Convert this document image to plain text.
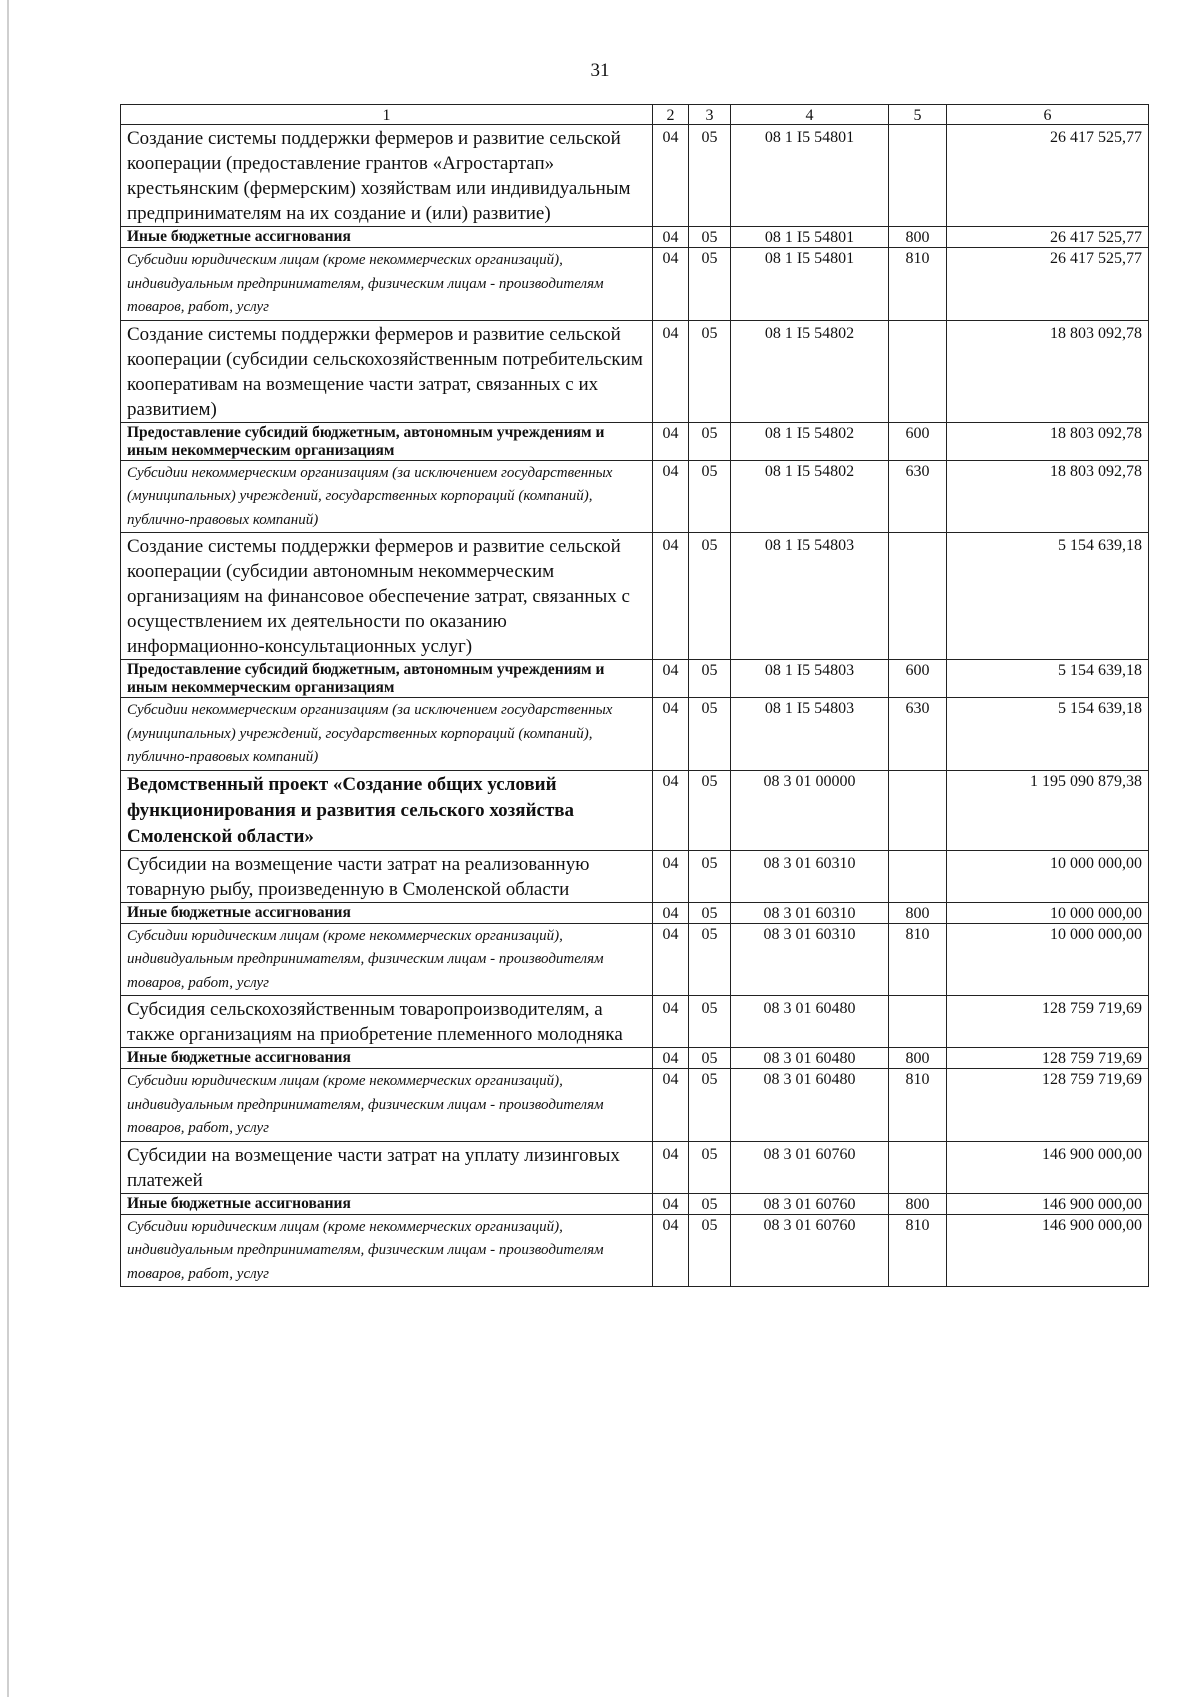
31
1	2	3	4	5	6
Создание системы поддержки фермеров и развитие сельской кооперации (предоставление грантов «Агростартап» крестьянским (фермерским) хозяйствам или индивидуальным предпринимателям на их создание и (или) развитие)	04	05	08 1 I5 54801		26 417 525,77
Иные бюджетные ассигнования	04	05	08 1 I5 54801	800	26 417 525,77
Субсидии юридическим лицам (кроме некоммерческих организаций), индивидуальным предпринимателям, физическим лицам - производителям товаров, работ, услуг	04	05	08 1 I5 54801	810	26 417 525,77
Создание системы поддержки фермеров и развитие сельской кооперации (субсидии сельскохозяйственным потребительским кооперативам на возмещение части затрат, связанных с их развитием)	04	05	08 1 I5 54802		18 803 092,78
Предоставление субсидий бюджетным, автономным учреждениям и иным некоммерческим организациям	04	05	08 1 I5 54802	600	18 803 092,78
Субсидии некоммерческим организациям (за исключением государственных (муниципальных) учреждений, государственных корпораций (компаний), публично-правовых компаний)	04	05	08 1 I5 54802	630	18 803 092,78
Создание системы поддержки фермеров и развитие сельской кооперации (субсидии автономным некоммерческим организациям на финансовое обеспечение затрат, связанных с осуществлением их деятельности по оказанию информационно-консультационных услуг)	04	05	08 1 I5 54803		5 154 639,18
Предоставление субсидий бюджетным, автономным учреждениям и иным некоммерческим организациям	04	05	08 1 I5 54803	600	5 154 639,18
Субсидии некоммерческим организациям (за исключением государственных (муниципальных) учреждений, государственных корпораций (компаний), публично-правовых компаний)	04	05	08 1 I5 54803	630	5 154 639,18
Ведомственный проект «Создание общих условий функционирования и развития сельского хозяйства Смоленской области»	04	05	08 3 01 00000		1 195 090 879,38
Субсидии на возмещение части затрат на реализованную товарную рыбу, произведенную в Смоленской области	04	05	08 3 01 60310		10 000 000,00
Иные бюджетные ассигнования	04	05	08 3 01 60310	800	10 000 000,00
Субсидии юридическим лицам (кроме некоммерческих организаций), индивидуальным предпринимателям, физическим лицам - производителям товаров, работ, услуг	04	05	08 3 01 60310	810	10 000 000,00
Субсидия сельскохозяйственным товаропроизводителям, а также организациям на приобретение племенного молодняка	04	05	08 3 01 60480		128 759 719,69
Иные бюджетные ассигнования	04	05	08 3 01 60480	800	128 759 719,69
Субсидии юридическим лицам (кроме некоммерческих организаций), индивидуальным предпринимателям, физическим лицам - производителям товаров, работ, услуг	04	05	08 3 01 60480	810	128 759 719,69
Субсидии на возмещение части затрат на уплату лизинговых платежей	04	05	08 3 01 60760		146 900 000,00
Иные бюджетные ассигнования	04	05	08 3 01 60760	800	146 900 000,00
Субсидии юридическим лицам (кроме некоммерческих организаций), индивидуальным предпринимателям, физическим лицам - производителям товаров, работ, услуг	04	05	08 3 01 60760	810	146 900 000,00
